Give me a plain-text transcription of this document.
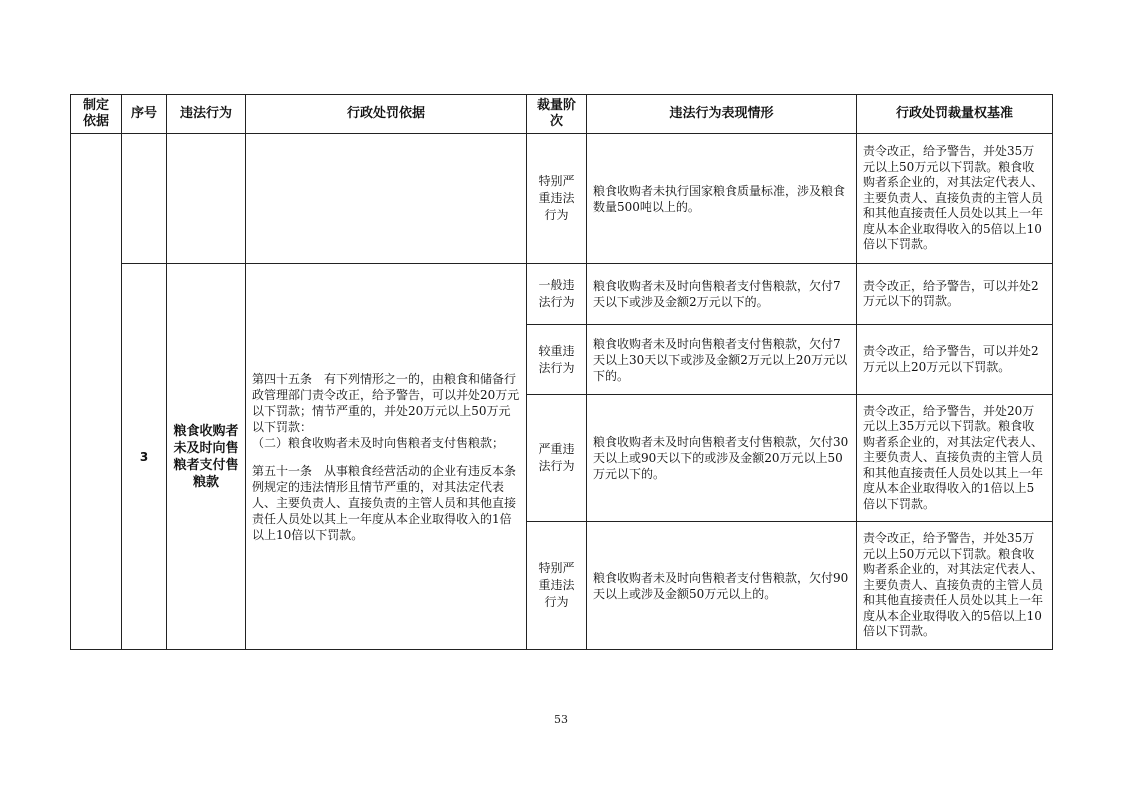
制定依据	序号	违法行为	行政处罚依据	裁量阶次	违法行为表现情形	行政处罚裁量权基准
				特别严重违法行为	粮食收购者未执行国家粮食质量标准，涉及粮食数量500吨以上的。	责令改正，给予警告，并处35万元以上50万元以下罚款。粮食收购者系企业的，对其法定代表人、主要负责人、直接负责的主管人员和其他直接责任人员处以其上一年度从本企业取得收入的5倍以上10倍以下罚款。
	3	粮食收购者未及时向售粮者支付售粮款	第四十五条　有下列情形之一的，由粮食和储备行政管理部门责令改正，给予警告，可以并处20万元以下罚款；情节严重的，并处20万元以上50万元以下罚款：
（二）粮食收购者未及时向售粮者支付售粮款；
第五十一条　从事粮食经营活动的企业有违反本条例规定的违法情形且情节严重的，对其法定代表人、主要负责人、直接负责的主管人员和其他直接责任人员处以其上一年度从本企业取得收入的1倍以上10倍以下罚款。	一般违法行为	粮食收购者未及时向售粮者支付售粮款，欠付7天以下或涉及金额2万元以下的。	责令改正，给予警告，可以并处2万元以下的罚款。
				较重违法行为	粮食收购者未及时向售粮者支付售粮款，欠付7天以上30天以下或涉及金额2万元以上20万元以下的。	责令改正，给予警告，可以并处2万元以上20万元以下罚款。
				严重违法行为	粮食收购者未及时向售粮者支付售粮款，欠付30天以上或90天以下的或涉及金额20万元以上50万元以下的。	责令改正，给予警告，并处20万元以上35万元以下罚款。粮食收购者系企业的，对其法定代表人、主要负责人、直接负责的主管人员和其他直接责任人员处以其上一年度从本企业取得收入的1倍以上5倍以下罚款。
				特别严重违法行为	粮食收购者未及时向售粮者支付售粮款，欠付90天以上或涉及金额50万元以上的。	责令改正，给予警告，并处35万元以上50万元以下罚款。粮食收购者系企业的，对其法定代表人、主要负责人、直接负责的主管人员和其他直接责任人员处以其上一年度从本企业取得收入的5倍以上10倍以下罚款。
53
